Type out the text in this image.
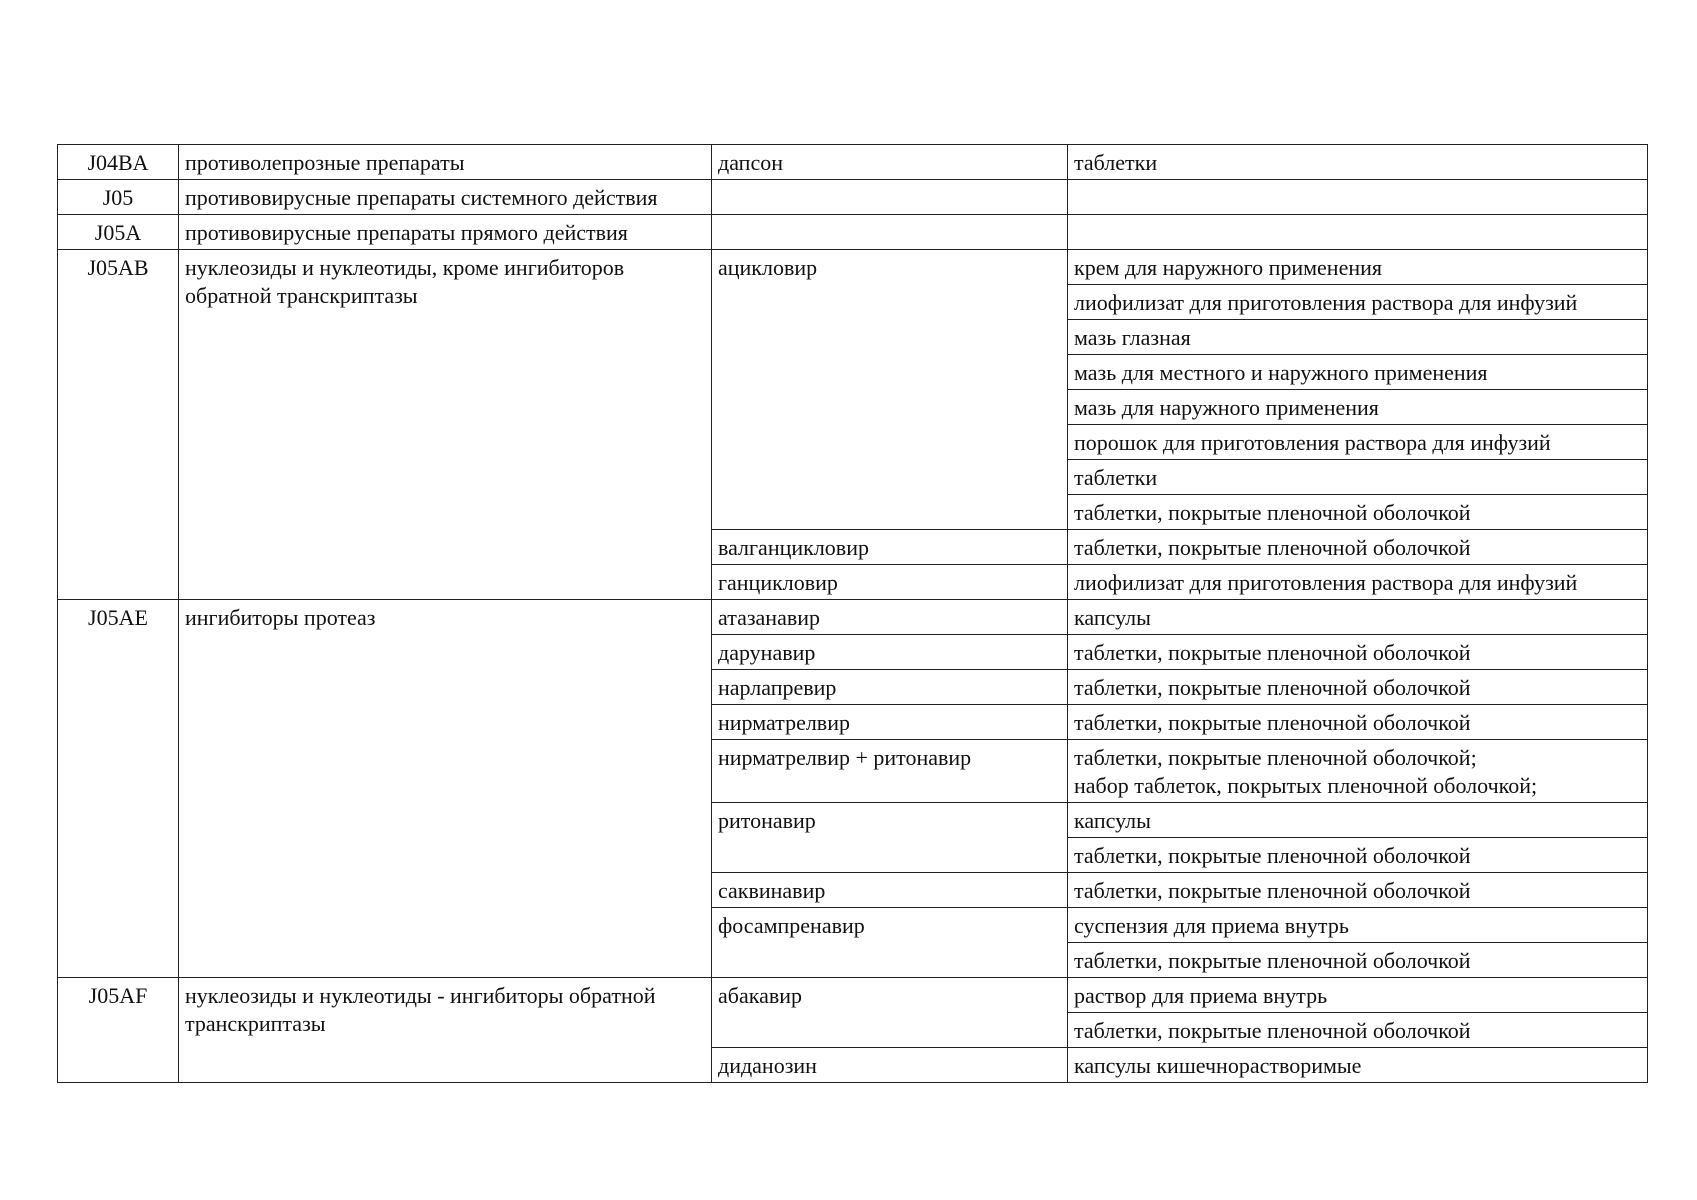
J04BA	противолепрозные препараты	дапсон	таблетки
J05	противовирусные препараты системного действия		
J05A	противовирусные препараты прямого действия		
J05AB	нуклеозиды и нуклеотиды, кроме ингибиторов обратной транскриптазы	ацикловир	крем для наружного применения
			лиофилизат для приготовления раствора для инфузий
			мазь глазная
			мазь для местного и наружного применения
			мазь для наружного применения
			порошок для приготовления раствора для инфузий
			таблетки
			таблетки, покрытые пленочной оболочкой
		валганцикловир	таблетки, покрытые пленочной оболочкой
		ганцикловир	лиофилизат для приготовления раствора для инфузий
J05AE	ингибиторы протеаз	атазанавир	капсулы
		дарунавир	таблетки, покрытые пленочной оболочкой
		нарлапревир	таблетки, покрытые пленочной оболочкой
		нирматрелвир	таблетки, покрытые пленочной оболочкой
		нирматрелвир + ритонавир	таблетки, покрытые пленочной оболочкой;
набор таблеток, покрытых пленочной оболочкой;
		ритонавир	капсулы
			таблетки, покрытые пленочной оболочкой
		саквинавир	таблетки, покрытые пленочной оболочкой
		фосампренавир	суспензия для приема внутрь
			таблетки, покрытые пленочной оболочкой
J05AF	нуклеозиды и нуклеотиды - ингибиторы обратной транскриптазы	абакавир	раствор для приема внутрь
			таблетки, покрытые пленочной оболочкой
		диданозин	капсулы кишечнорастворимые
